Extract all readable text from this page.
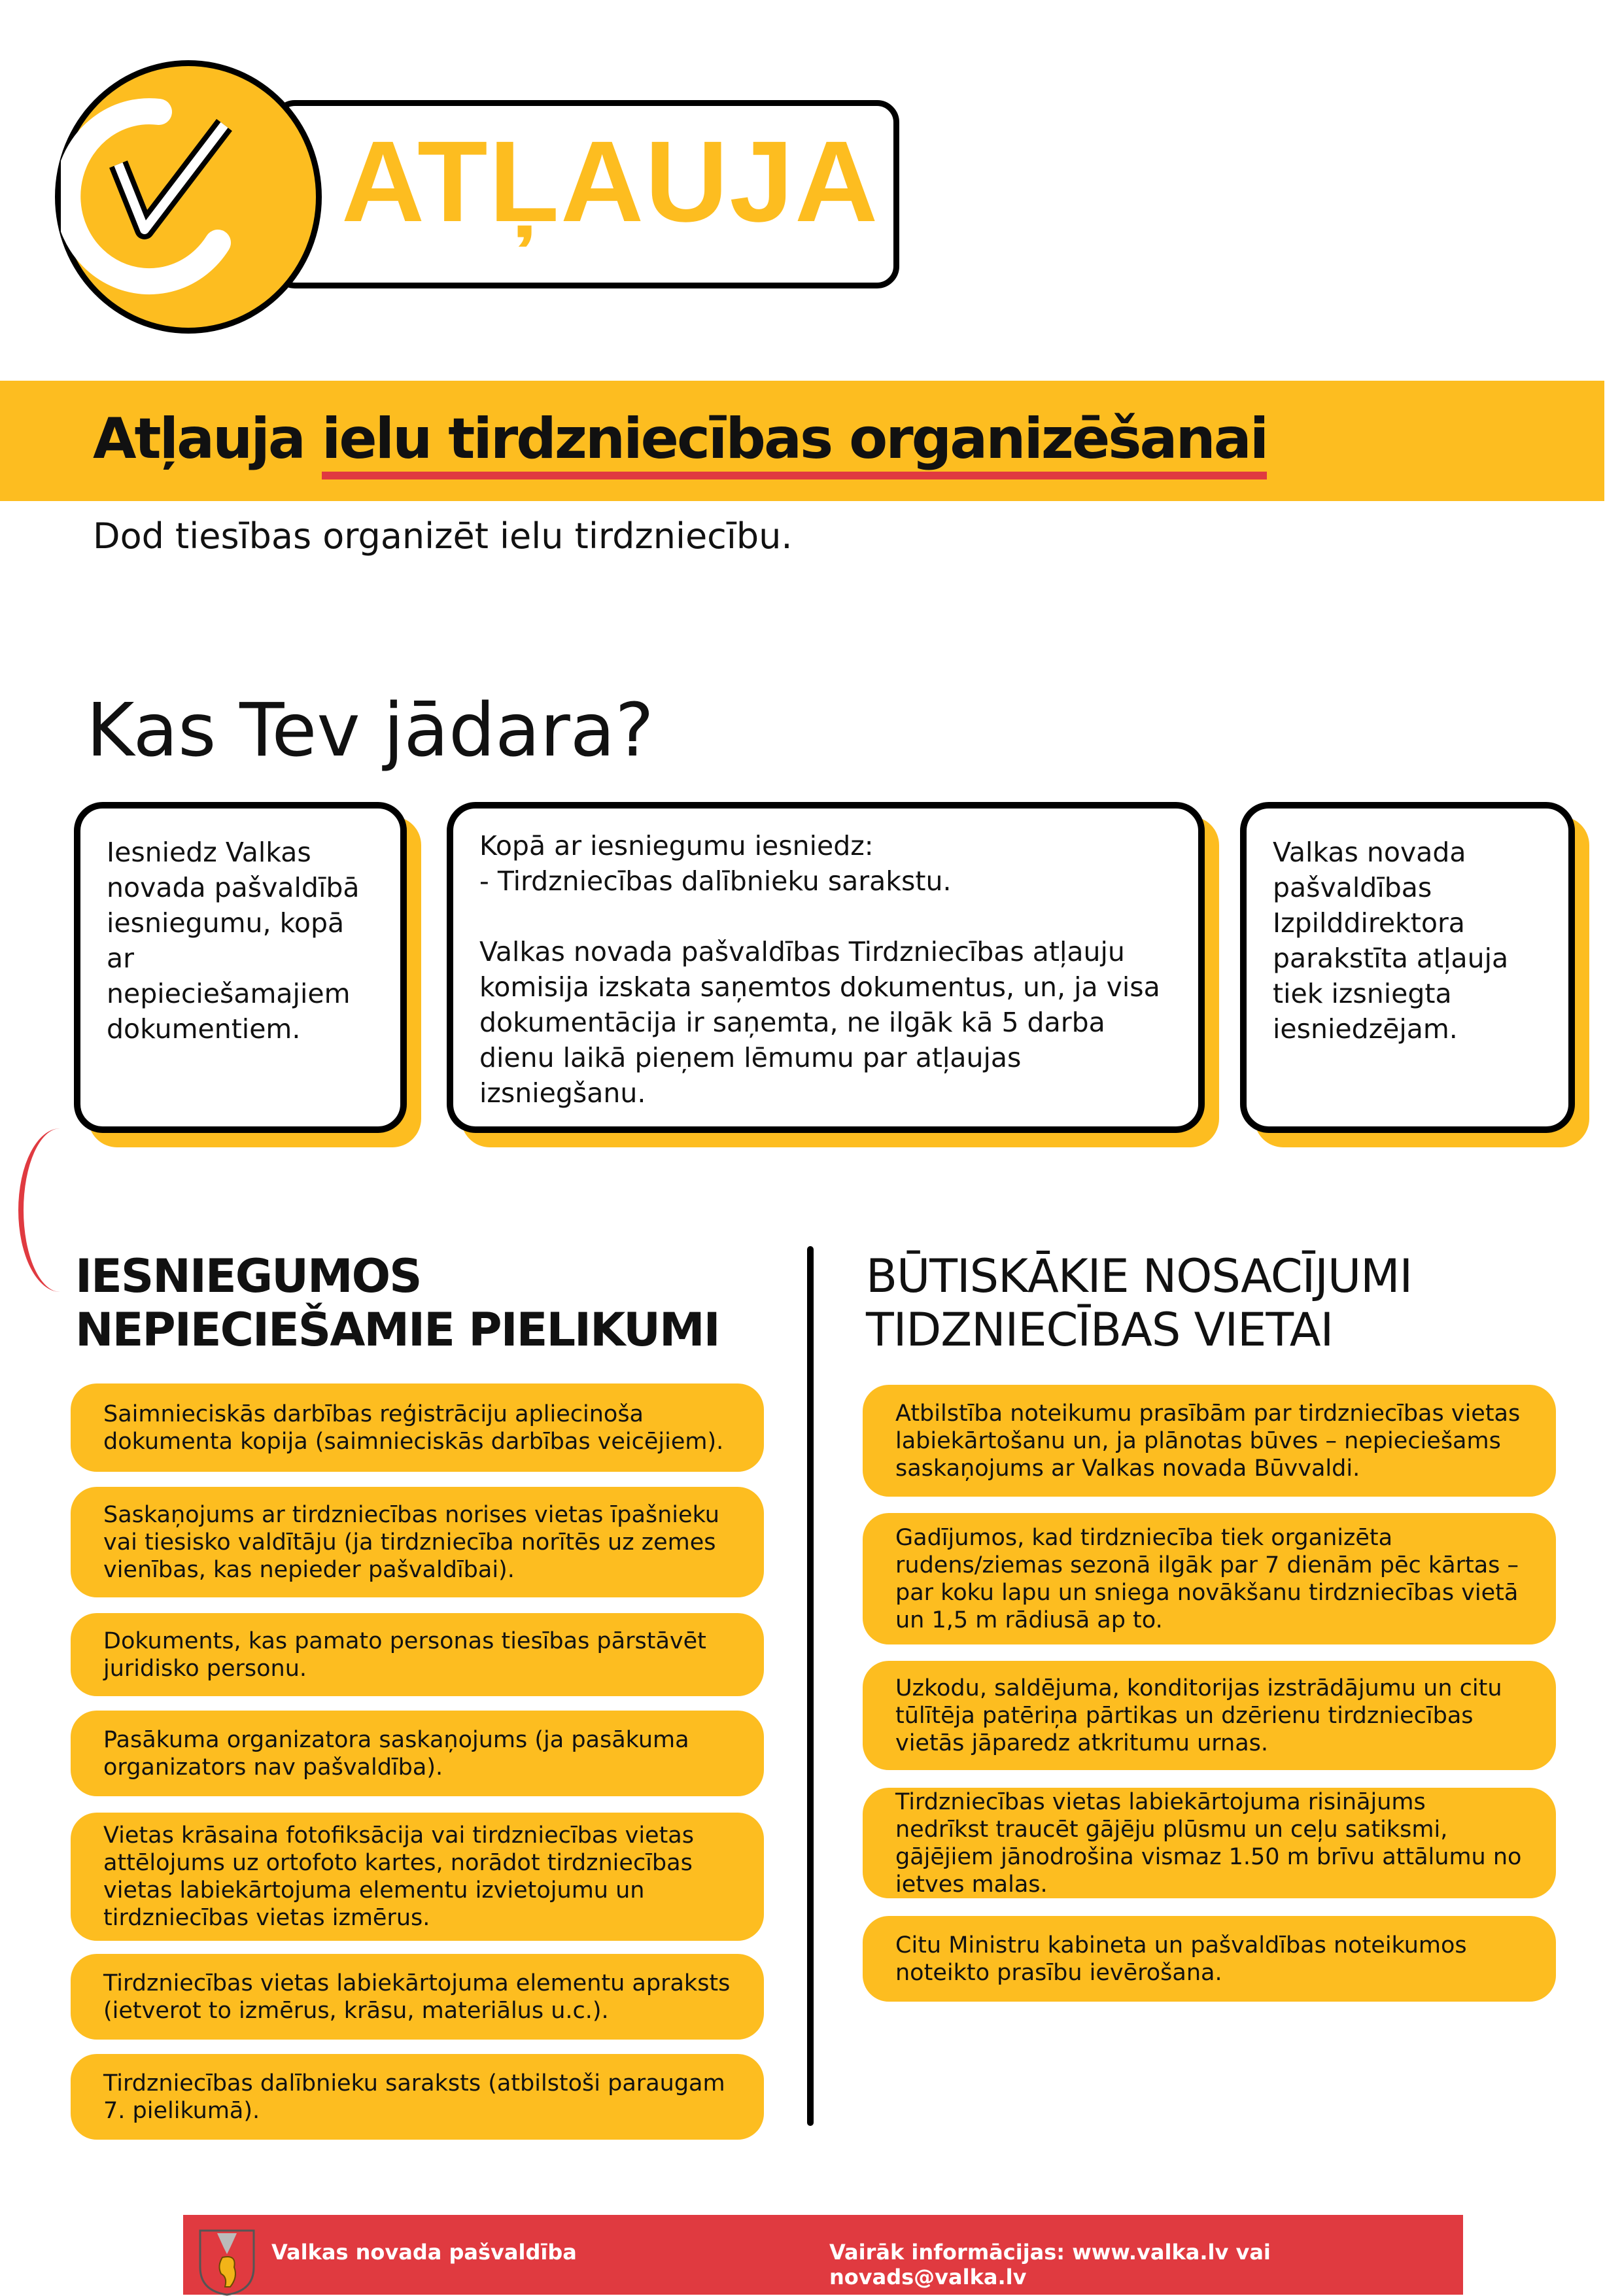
ATĻAUJA
Atļauja ielu tirdzniecības organizēšanai
Dod tiesības organizēt ielu tirdzniecību.
Kas Tev jādara?

Iesniedz Valkas novada pašvaldībā iesniegumu, kopā ar nepieciešamajiem dokumentiem.

Kopā ar iesniegumu iesniedz:

- Tirdzniecības dalībnieku sarakstu.

Valkas novada pašvaldības Tirdzniecības atļauju komisija izskata saņemtos dokumentus, un, ja visa dokumentācija ir saņemta, ne ilgāk kā 5 darba dienu laikā pieņem lēmumu par atļaujas izsniegšanu.

Valkas novada pašvaldības Izpilddirektora parakstīta atļauja tiek izsniegta iesniedzējam.

IESNIEGUMOS NEPIECIEŠAMIE PIELIKUMI
BŪTISKĀKIE NOSACĪJUMI TIDZNIECĪBAS VIETAI
Saimnieciskās darbības reģistrāciju apliecinoša dokumenta kopija (saimnieciskās darbības veicējiem).
Saskaņojums ar tirdzniecības norises vietas īpašnieku vai tiesisko valdītāju (ja tirdzniecība norītēs uz zemes vienības, kas nepieder pašvaldībai).
Dokuments, kas pamato personas tiesības pārstāvēt juridisko personu.
Pasākuma organizatora saskaņojums (ja pasākuma organizators nav pašvaldība).
Vietas krāsaina fotofiksācija vai tirdzniecības vietas attēlojums uz ortofoto kartes, norādot tirdzniecības vietas labiekārtojuma elementu izvietojumu un tirdzniecības vietas izmērus.
Tirdzniecības vietas labiekārtojuma elementu apraksts (ietverot to izmērus, krāsu, materiālus u.c.).
Tirdzniecības dalībnieku saraksts (atbilstoši paraugam 7. pielikumā).
Atbilstība noteikumu prasībām par tirdzniecības vietas labiekārtošanu un, ja plānotas būves – nepieciešams saskaņojums ar Valkas novada Būvvaldi.
Gadījumos, kad tirdzniecība tiek organizēta rudens/ziemas sezonā ilgāk par 7 dienām pēc kārtas – par koku lapu un sniega novākšanu tirdzniecības vietā un 1,5 m rādiusā ap to.
Uzkodu, saldējuma, konditorijas izstrādājumu un citu tūlītēja patēriņa pārtikas un dzērienu tirdzniecības vietās jāparedz atkritumu urnas.
Tirdzniecības vietas labiekārtojuma risinājums nedrīkst traucēt gājēju plūsmu un ceļu satiksmi, gājējiem jānodrošina vismaz 1.50 m brīvu attālumu no ietves malas.
Citu Ministru kabineta un pašvaldības noteikumos noteikto prasību ievērošana.
Valkas novada pašvaldība	Vairāk informācijas: www.valka.lv vai novads@valka.lv
